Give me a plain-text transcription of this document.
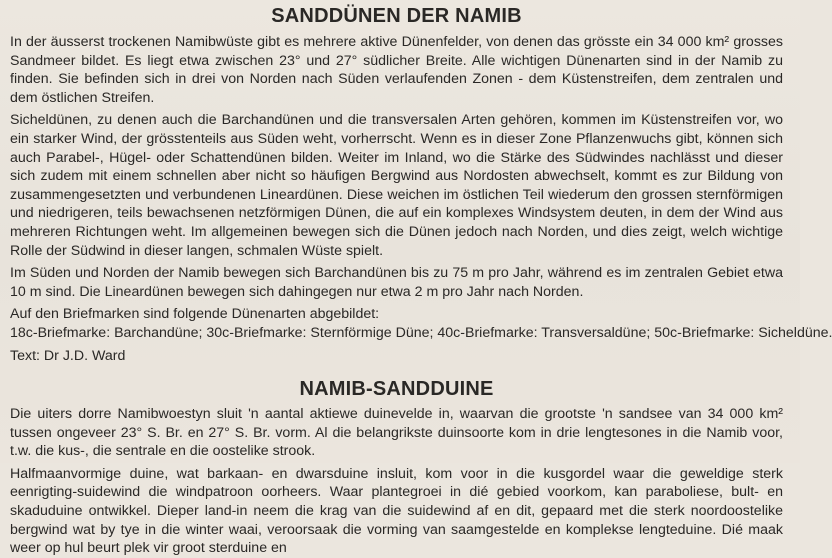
SANDDÜNEN DER NAMIB

In der äusserst trockenen Namibwüste gibt es mehrere aktive Dünenfelder, von denen das grösste ein 34 000 km² grosses Sandmeer bildet. Es liegt etwa zwischen 23° und 27° südlicher Breite. Alle wichtigen Dünenarten sind in der Namib zu finden. Sie befinden sich in drei von Norden nach Süden verlaufenden Zonen - dem Küstenstreifen, dem zentralen und dem östlichen Streifen.

Sicheldünen, zu denen auch die Barchandünen und die transversalen Arten gehören, kommen im Küstenstreifen vor, wo ein starker Wind, der grösstenteils aus Süden weht, vorherrscht. Wenn es in dieser Zone Pflanzenwuchs gibt, können sich auch Parabel-, Hügel- oder Schattendünen bilden. Weiter im Inland, wo die Stärke des Südwindes nachlässt und dieser sich zudem mit einem schnellen aber nicht so häufigen Bergwind aus Nordosten abwechselt, kommt es zur Bildung von zusammengesetzten und verbundenen Lineardünen. Diese weichen im östlichen Teil wiederum den grossen sternförmigen und niedrigeren, teils bewachsenen netzförmigen Dünen, die auf ein komplexes Windsystem deuten, in dem der Wind aus mehreren Richtungen weht. Im allgemeinen bewegen sich die Dünen jedoch nach Norden, und dies zeigt, welch wichtige Rolle der Südwind in dieser langen, schmalen Wüste spielt.

Im Süden und Norden der Namib bewegen sich Barchandünen bis zu 75 m pro Jahr, während es im zentralen Gebiet etwa 10 m sind. Die Lineardünen bewegen sich dahingegen nur etwa 2 m pro Jahr nach Norden.

Auf den Briefmarken sind folgende Dünenarten abgebildet:
18c-Briefmarke: Barchandüne; 30c-Briefmarke: Sternförmige Düne; 40c-Briefmarke: Transversaldüne; 50c-Briefmarke: Sicheldüne.
Text: Dr J.D. Ward
NAMIB-SANDDUINE

Die uiters dorre Namibwoestyn sluit 'n aantal aktiewe duinevelde in, waarvan die grootste 'n sandsee van 34 000 km² tussen ongeveer 23° S. Br. en 27° S. Br. vorm. Al die belangrikste duinsoorte kom in drie lengtesones in die Namib voor, t.w. die kus-, die sentrale en die oostelike strook.

Halfmaanvormige duine, wat barkaan- en dwarsduine insluit, kom voor in die kusgordel waar die geweldige sterk eenrigting-suidewind die windpatroon oorheers. Waar plantegroei in dié gebied voorkom, kan paraboliese, bult- en skaduduine ontwikkel. Dieper land-in neem die krag van die suidewind af en dit, gepaard met die sterk noordoostelike bergwind wat by tye in die winter waai, veroorsaak die vorming van saamgestelde en komplekse lengteduine. Dié maak weer op hul beurt plek vir groot sterduine en
